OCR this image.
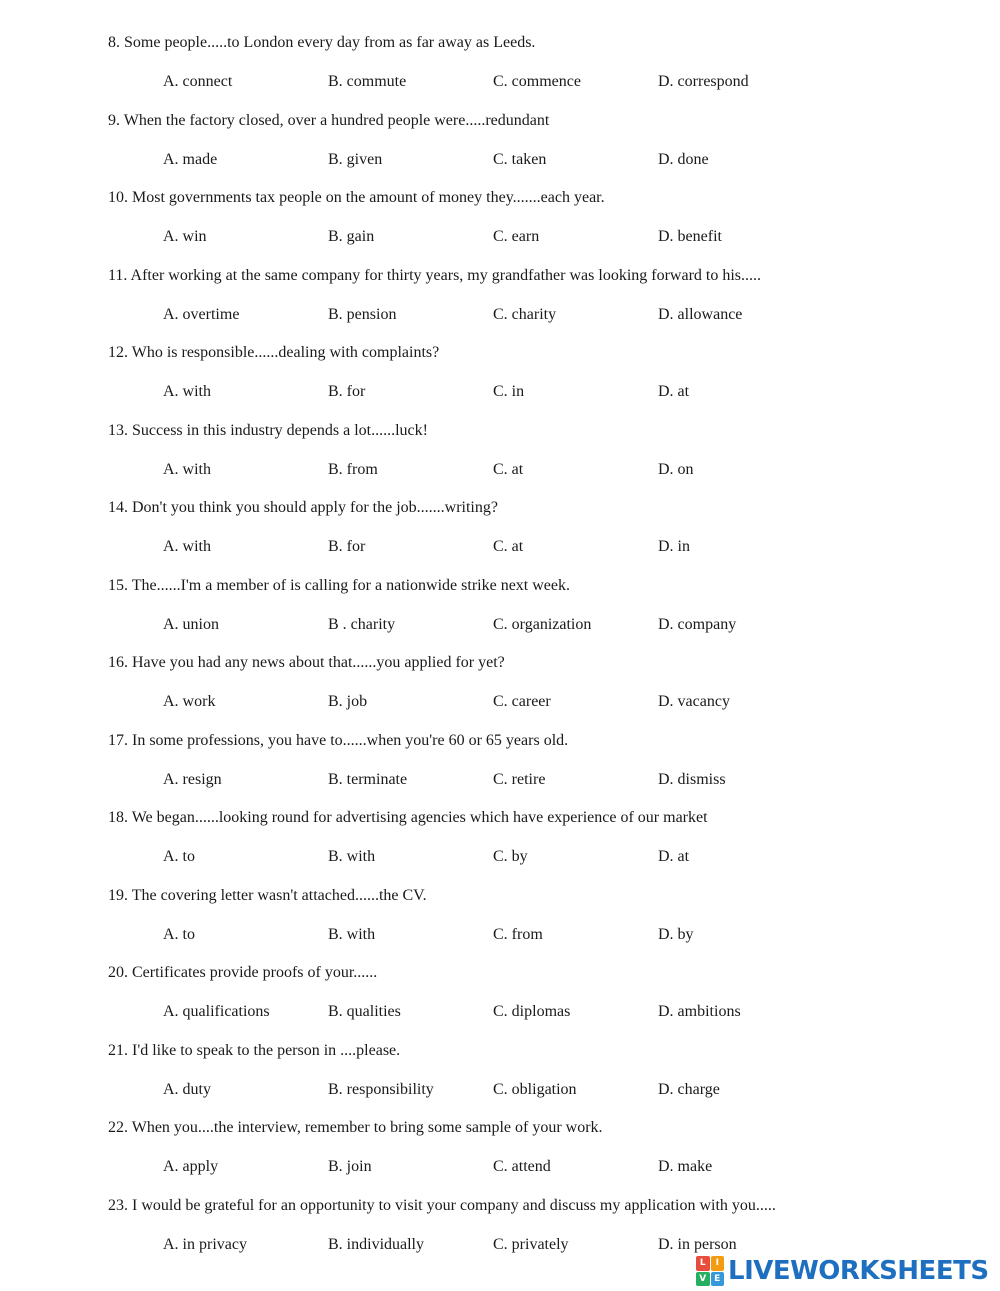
8. Some people.....to London every day from as far away as Leeds.
A. connect	B. commute	C. commence	D. correspond
9. When the factory closed, over a hundred people were.....redundant
A. made	B. given	C. taken	D. done
10. Most governments tax people on the amount of money they.......each year.
A. win	B. gain	C. earn	D. benefit
11. After working at the same company for thirty years, my grandfather was looking forward to his.....
A. overtime	B. pension	C. charity	D. allowance
12. Who is responsible......dealing with complaints?
A. with	B. for	C. in	D. at
13. Success in this industry depends a lot......luck!
A. with	B. from	C. at	D. on
14. Don't you think you should apply for the job.......writing?
A. with	B. for	C. at	D. in
15. The......I'm a member of is calling for a nationwide strike next week.
A. union	B . charity	C. organization	D. company
16. Have you had any news about that......you applied for yet?
A. work	B. job	C. career	D. vacancy
17. In some professions, you have to......when you're 60 or 65 years old.
A. resign	B. terminate	C. retire	D. dismiss
18. We began......looking round for advertising agencies which have experience of our market
A. to	B. with	C. by	D. at
19. The covering letter wasn't attached......the CV.
A. to	B. with	C. from	D. by
20. Certificates provide proofs of your......
A. qualifications	B. qualities	C. diplomas	D. ambitions
21. I'd like to speak to the person in ....please.
A. duty	B. responsibility	C. obligation	D. charge
22. When you....the interview, remember to bring some sample of your work.
A. apply	B. join	C. attend	D. make
23. I would be grateful for an opportunity to visit your company and discuss my application with you.....
A. in privacy	B. individually	C. privately	D. in person
L	I
V E LIVEWORKSHEETS
